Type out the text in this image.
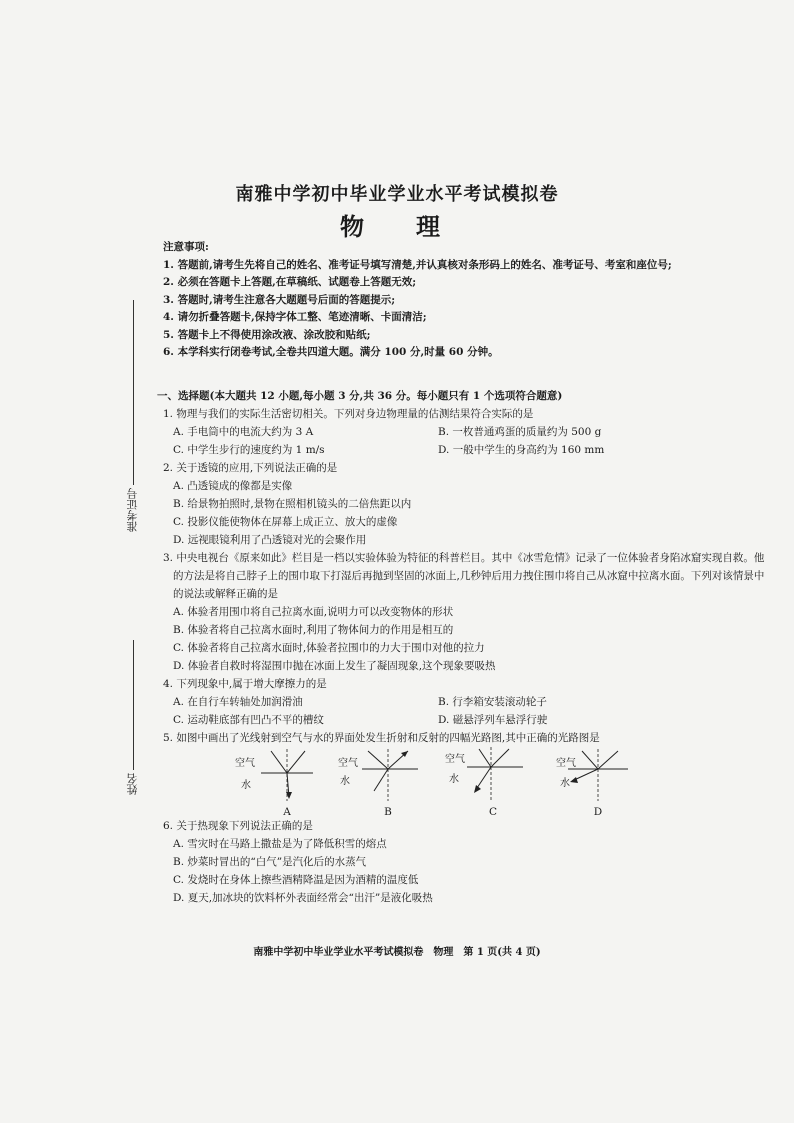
南雅中学初中毕业学业水平考试模拟卷
物　理
注意事项:
1. 答题前,请考生先将自己的姓名、准考证号填写清楚,并认真核对条形码上的姓名、准考证号、考室和座位号;
2. 必须在答题卡上答题,在草稿纸、试题卷上答题无效;
3. 答题时,请考生注意各大题题号后面的答题提示;
4. 请勿折叠答题卡,保持字体工整、笔迹清晰、卡面清洁;
5. 答题卡上不得使用涂改液、涂改胶和贴纸;
6. 本学科实行闭卷考试,全卷共四道大题。满分 100 分,时量 60 分钟。
一、选择题(本大题共 12 小题,每小题 3 分,共 36 分。每小题只有 1 个选项符合题意)
1. 物理与我们的实际生活密切相关。下列对身边物理量的估测结果符合实际的是
A. 手电筒中的电流大约为 3 A	B. 一枚普通鸡蛋的质量约为 500 g
C. 中学生步行的速度约为 1 m/s	D. 一般中学生的身高约为 160 mm
2. 关于透镜的应用,下列说法正确的是
A. 凸透镜成的像都是实像
B. 给景物拍照时,景物在照相机镜头的二倍焦距以内
C. 投影仪能使物体在屏幕上成正立、放大的虚像
D. 远视眼镜利用了凸透镜对光的会聚作用
3. 中央电视台《原来如此》栏目是一档以实验体验为特征的科普栏目。其中《冰雪危情》记录了一位体验者身陷冰窟实现自救。他的方法是将自己脖子上的围巾取下打湿后再抛到坚固的冰面上,几秒钟后用力拽住围巾将自己从冰窟中拉离水面。下列对该情景中的说法或解释正确的是
A. 体验者用围巾将自己拉离水面,说明力可以改变物体的形状
B. 体验者将自己拉离水面时,利用了物体间力的作用是相互的
C. 体验者将自己拉离水面时,体验者拉围巾的力大于围巾对他的拉力
D. 体验者自救时将湿围巾抛在冰面上发生了凝固现象,这个现象要吸热
4. 下列现象中,属于增大摩擦力的是
A. 在自行车转轴处加润滑油	B. 行李箱安装滚动轮子
C. 运动鞋底部有凹凸不平的槽纹	D. 磁悬浮列车悬浮行驶
5. 如图中画出了光线射到空气与水的界面处发生折射和反射的四幅光路图,其中正确的光路图是
空气
水
A
空气
水
B
空气
水
C
空气
水
D
6. 关于热现象下列说法正确的是
A. 雪灾时在马路上撒盐是为了降低积雪的熔点
B. 炒菜时冒出的“白气”是汽化后的水蒸气
C. 发烧时在身体上擦些酒精降温是因为酒精的温度低
D. 夏天,加冰块的饮料杯外表面经常会“出汗”是液化吸热
准考证号
姓名
南雅中学初中毕业学业水平考试模拟卷　物理　第 1 页(共 4 页)
